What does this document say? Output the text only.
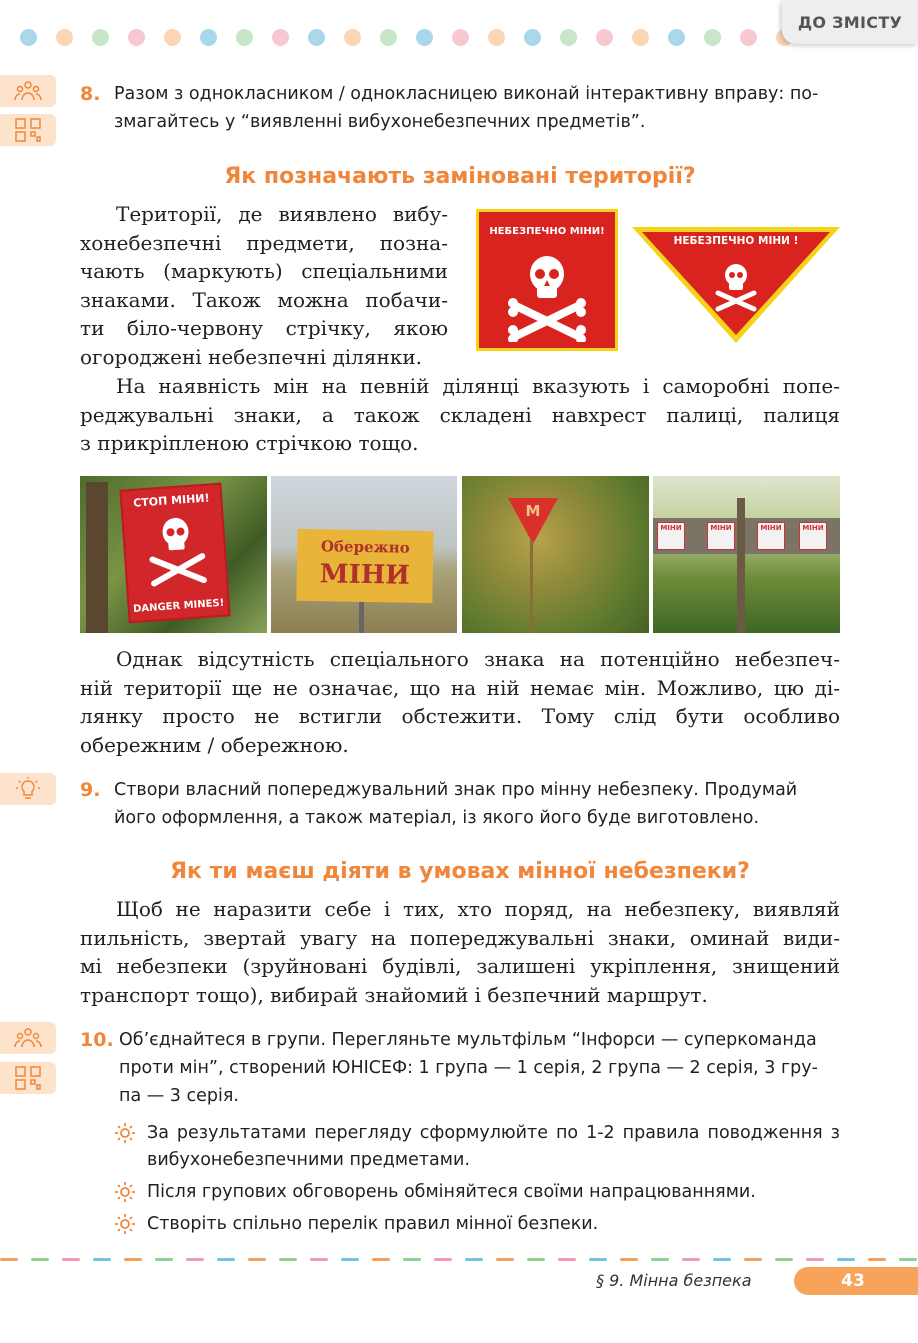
ДО ЗМІСТУ
8. Разом з однокласником / однокласницею виконай інтерактивну вправу: по-
змагайтесь у “виявленні вибухонебезпечних предметів”.
Як позначають заміновані території?
Території, де виявлено вибу-
хонебезпечні предмети, позна-
чають (маркують) спеціальними
знаками. Також можна побачи-
ти біло-червону стрічку, якою
огороджені небезпечні ділянки.
НЕБЕЗПЕЧНО МІНИ!
НЕБЕЗПЕЧНО МІНИ !
На наявність мін на певній ділянці вказують і саморобні попе-
реджувальні знаки, а також складені навхрест палиці, палиця
з прикріпленою стрічкою тощо.
СТОП МІНИ!
DANGER MINES!
Обережно
МІНИ
M
МІНИ	МІНИ	МІНИ	МІНИ
Однак відсутність спеціального знака на потенційно небезпеч-
ній території ще не означає, що на ній немає мін. Можливо, цю ді-
лянку просто не встигли обстежити. Тому слід бути особливо
обережним / обережною.
9. Створи власний попереджувальний знак про мінну небезпеку. Продумай
його оформлення, а також матеріал, із якого його буде виготовлено.
Як ти маєш діяти в умовах мінної небезпеки?
Щоб не наразити себе і тих, хто поряд, на небезпеку, виявляй
пильність, звертай увагу на попереджувальні знаки, оминай види-
мі небезпеки (зруйновані будівлі, залишені укріплення, знищений
транспорт тощо), вибирай знайомий і безпечний маршрут.
10. Об’єднайтеся в групи. Перегляньте мультфільм “Інфорси — суперкоманда
проти мін”, створений ЮНІСЕФ: 1 група — 1 серія, 2 група — 2 серія, 3 гру-
па — 3 серія.
За результатами перегляду сформулюйте по 1-2 правила поводження з вибухонебезпечними предметами.
Після групових обговорень обміняйтеся своїми напрацюваннями.
Створіть спільно перелік правил мінної безпеки.
§ 9. Мінна безпека	43
